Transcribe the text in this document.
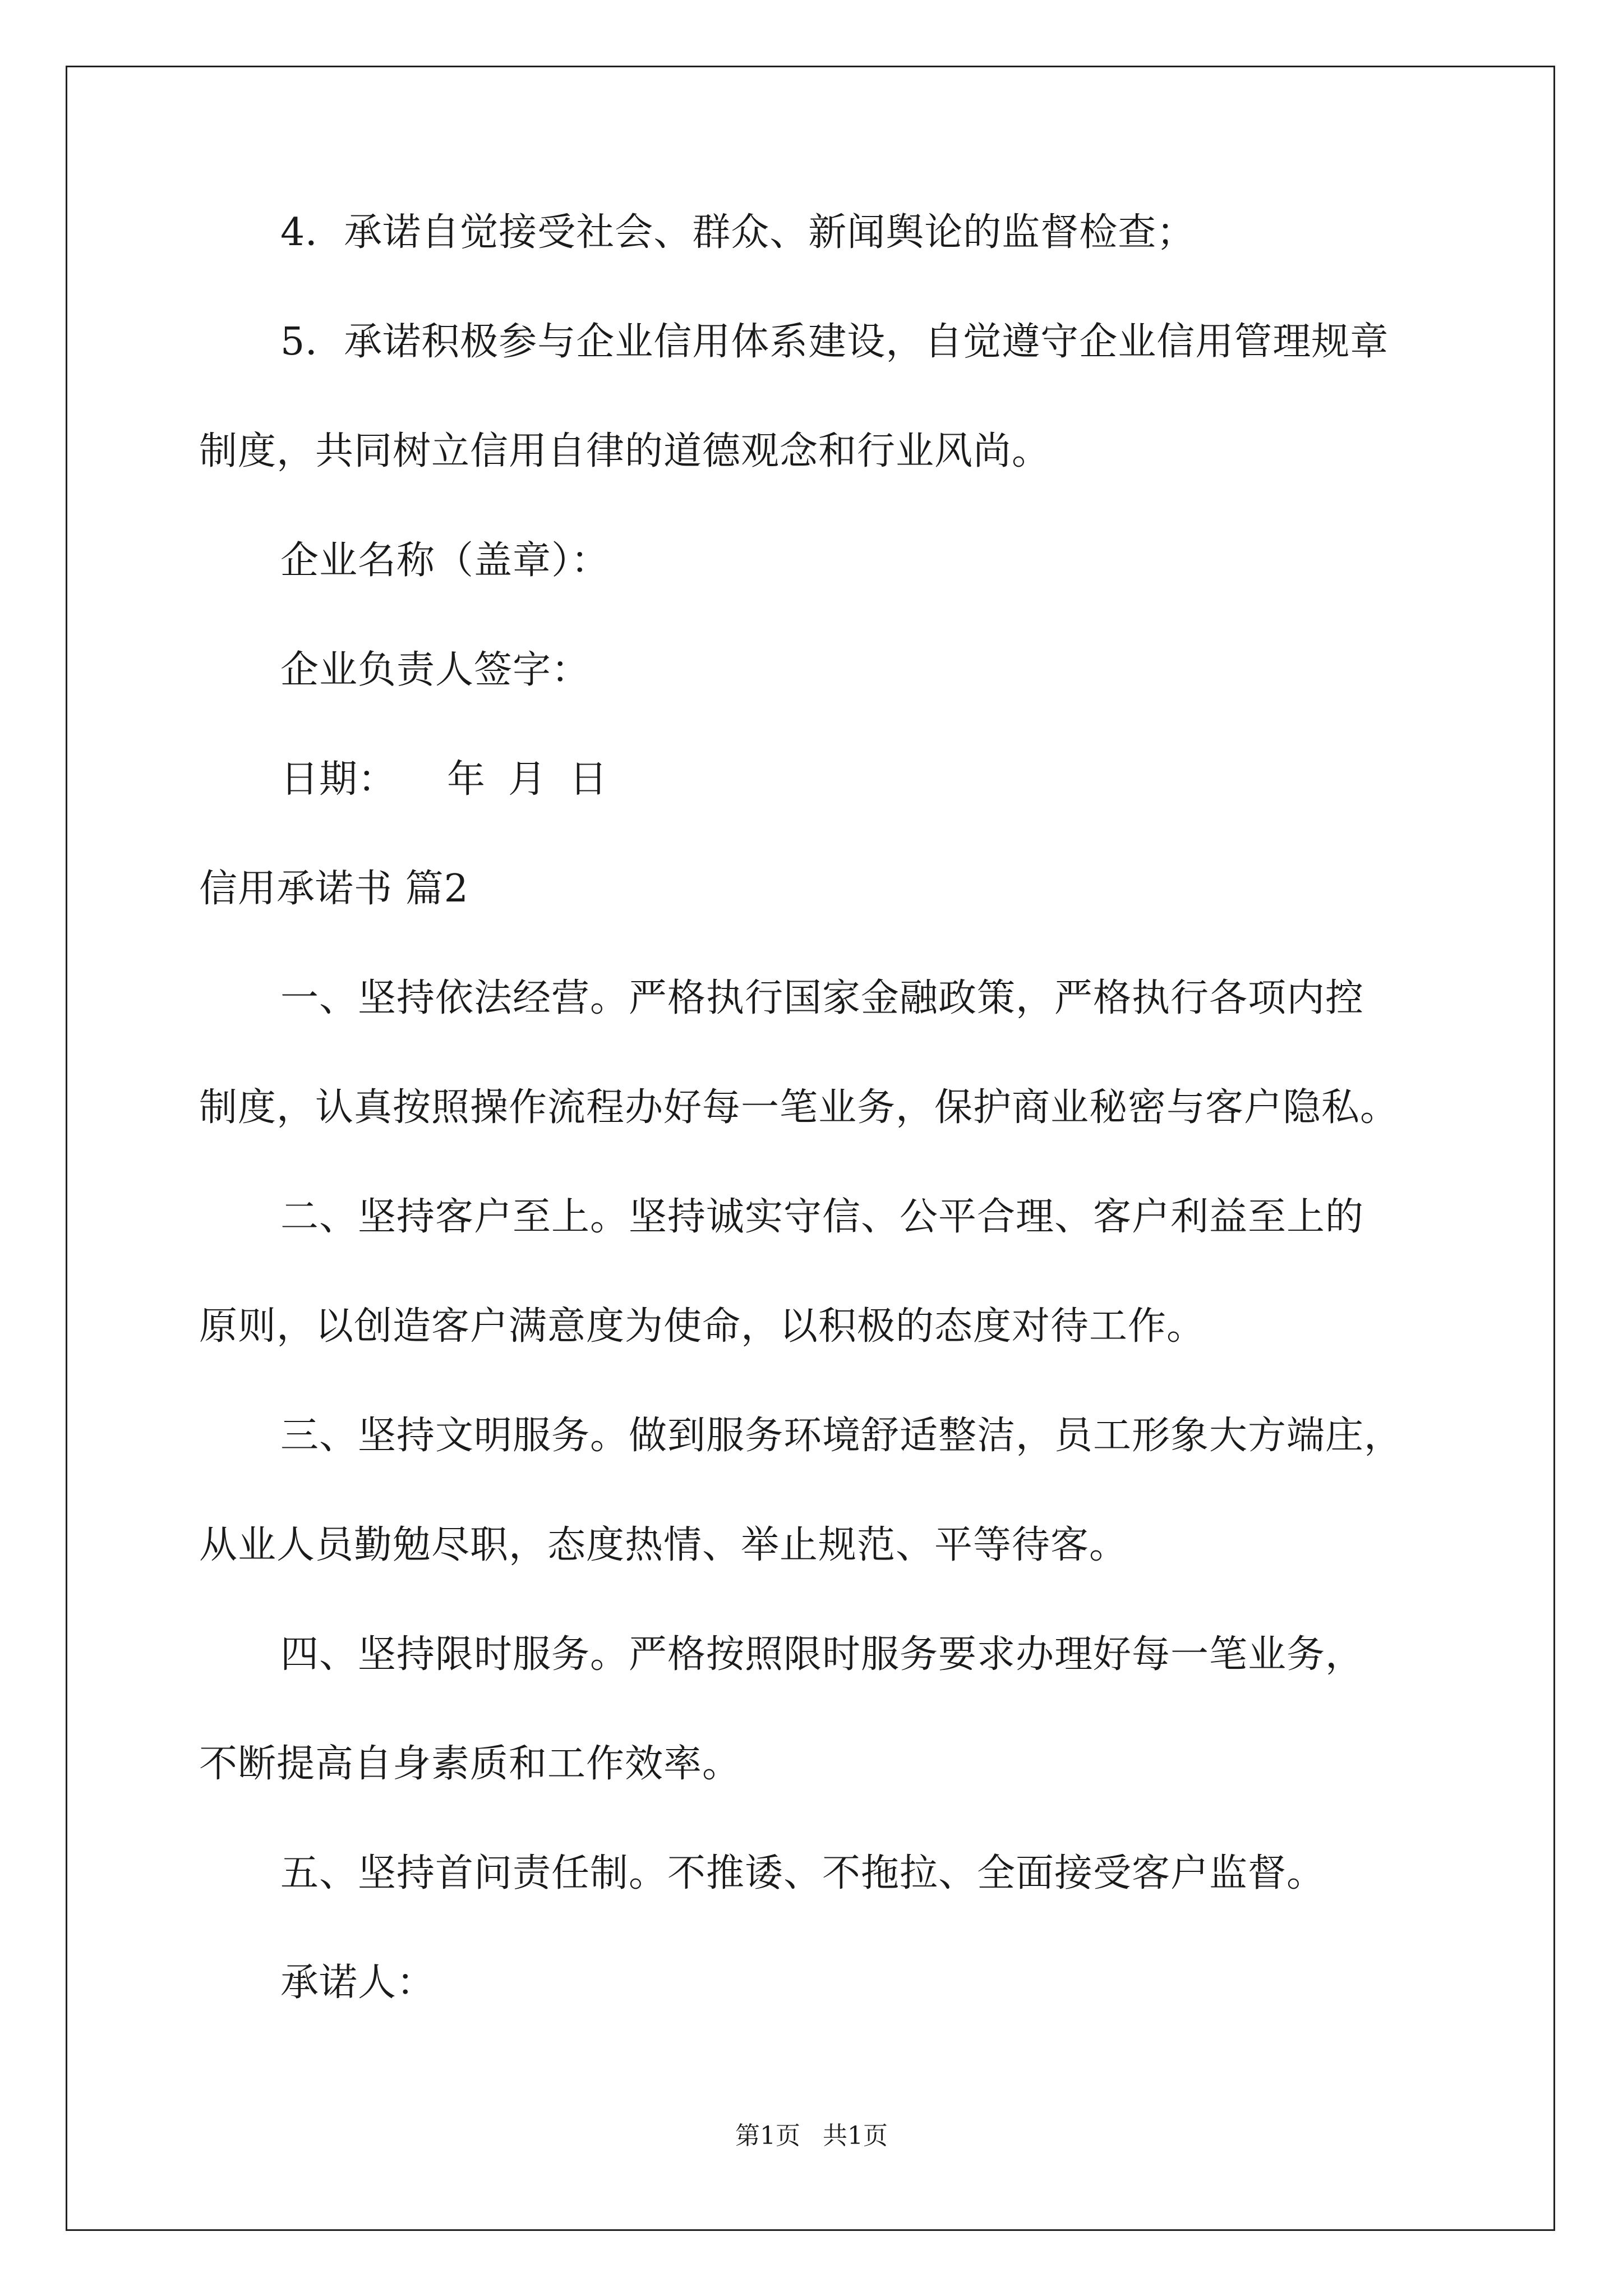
4．承诺自觉接受社会、群众、新闻舆论的监督检查；
5．承诺积极参与企业信用体系建设，自觉遵守企业信用管理规章
制度，共同树立信用自律的道德观念和行业风尚。
企业名称（盖章）：
企业负责人签字：
日期： 年 月 日
信用承诺书 篇2
一、坚持依法经营。严格执行国家金融政策，严格执行各项内控
制度，认真按照操作流程办好每一笔业务，保护商业秘密与客户隐私。
二、坚持客户至上。坚持诚实守信、公平合理、客户利益至上的
原则，以创造客户满意度为使命，以积极的态度对待工作。
三、坚持文明服务。做到服务环境舒适整洁，员工形象大方端庄，
从业人员勤勉尽职，态度热情、举止规范、平等待客。
四、坚持限时服务。严格按照限时服务要求办理好每一笔业务，
不断提高自身素质和工作效率。
五、坚持首问责任制。不推诿、不拖拉、全面接受客户监督。
承诺人：
第1页 共1页
